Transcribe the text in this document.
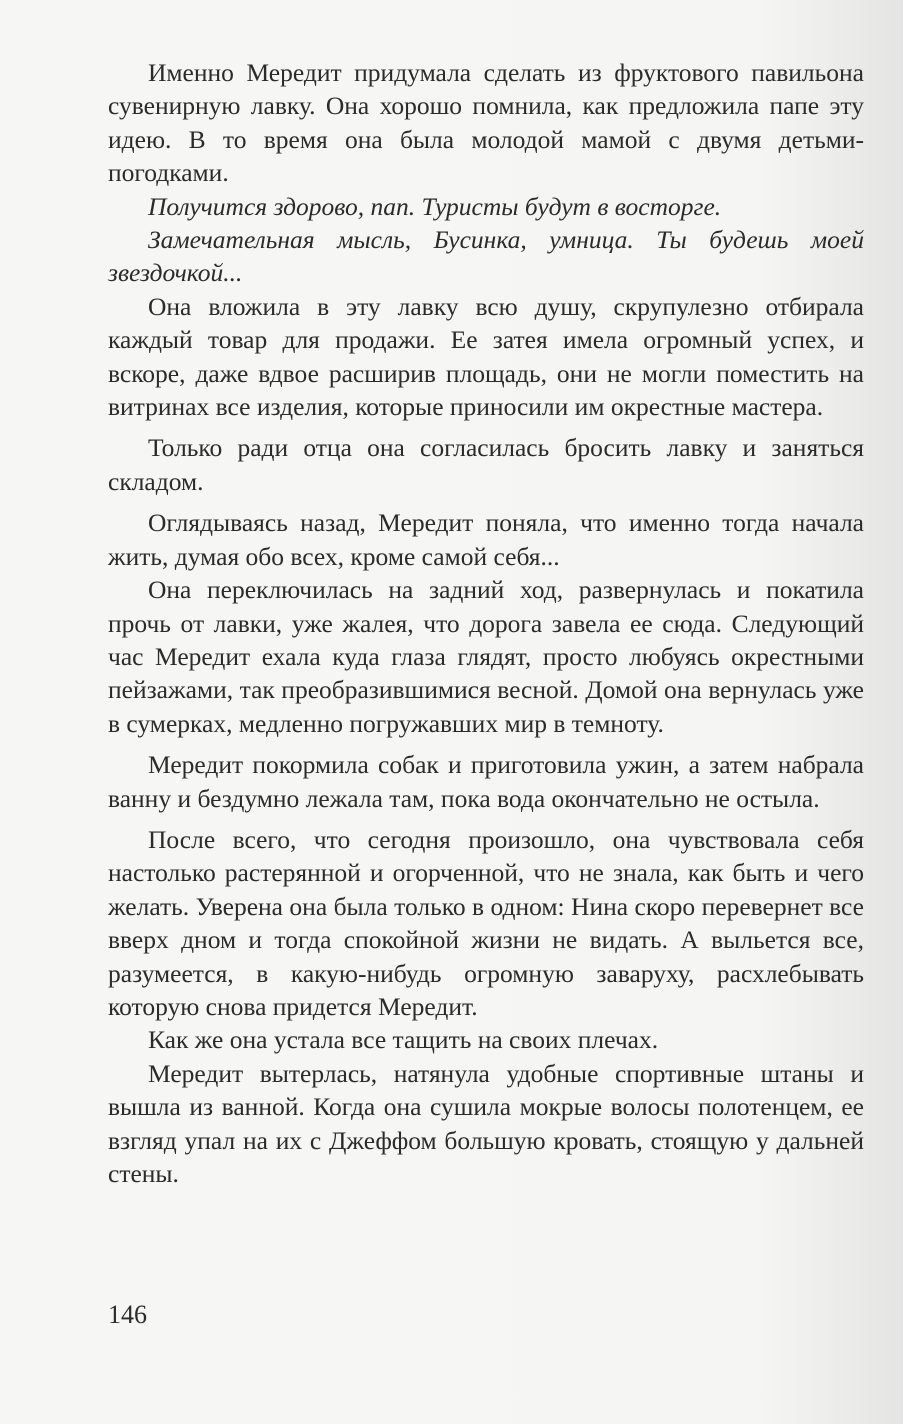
Именно Мередит придумала сделать из фруктового павильона сувенирную лавку. Она хорошо помнила, как предложила папе эту идею. В то время она была молодой мамой с двумя детьми-погодками.

Получится здорово, пап. Туристы будут в восторге.

Замечательная мысль, Бусинка, умница. Ты будешь моей звездочкой...

Она вложила в эту лавку всю душу, скрупулезно отбирала каждый товар для продажи. Ее затея имела огромный успех, и вскоре, даже вдвое расширив площадь, они не могли поместить на витринах все изделия, которые приносили им окрестные мастера.

Только ради отца она согласилась бросить лавку и заняться складом.

Оглядываясь назад, Мередит поняла, что именно тогда начала жить, думая обо всех, кроме самой себя...

Она переключилась на задний ход, развернулась и покатила прочь от лавки, уже жалея, что дорога завела ее сюда. Следующий час Мередит ехала куда глаза глядят, просто любуясь окрестными пейзажами, так преобразившимися весной. Домой она вернулась уже в сумерках, медленно погружавших мир в темноту.

Мередит покормила собак и приготовила ужин, а затем набрала ванну и бездумно лежала там, пока вода окончательно не остыла.

После всего, что сегодня произошло, она чувствовала себя настолько растерянной и огорченной, что не знала, как быть и чего желать. Уверена она была только в одном: Нина скоро перевернет все вверх дном и тогда спокойной жизни не видать. А выльется все, разумеется, в какую-нибудь огромную заваруху, расхлебывать которую снова придется Мередит.

Как же она устала все тащить на своих плечах.

Мередит вытерлась, натянула удобные спортивные штаны и вышла из ванной. Когда она сушила мокрые волосы полотенцем, ее взгляд упал на их с Джеффом большую кровать, стоящую у дальней стены.

146
